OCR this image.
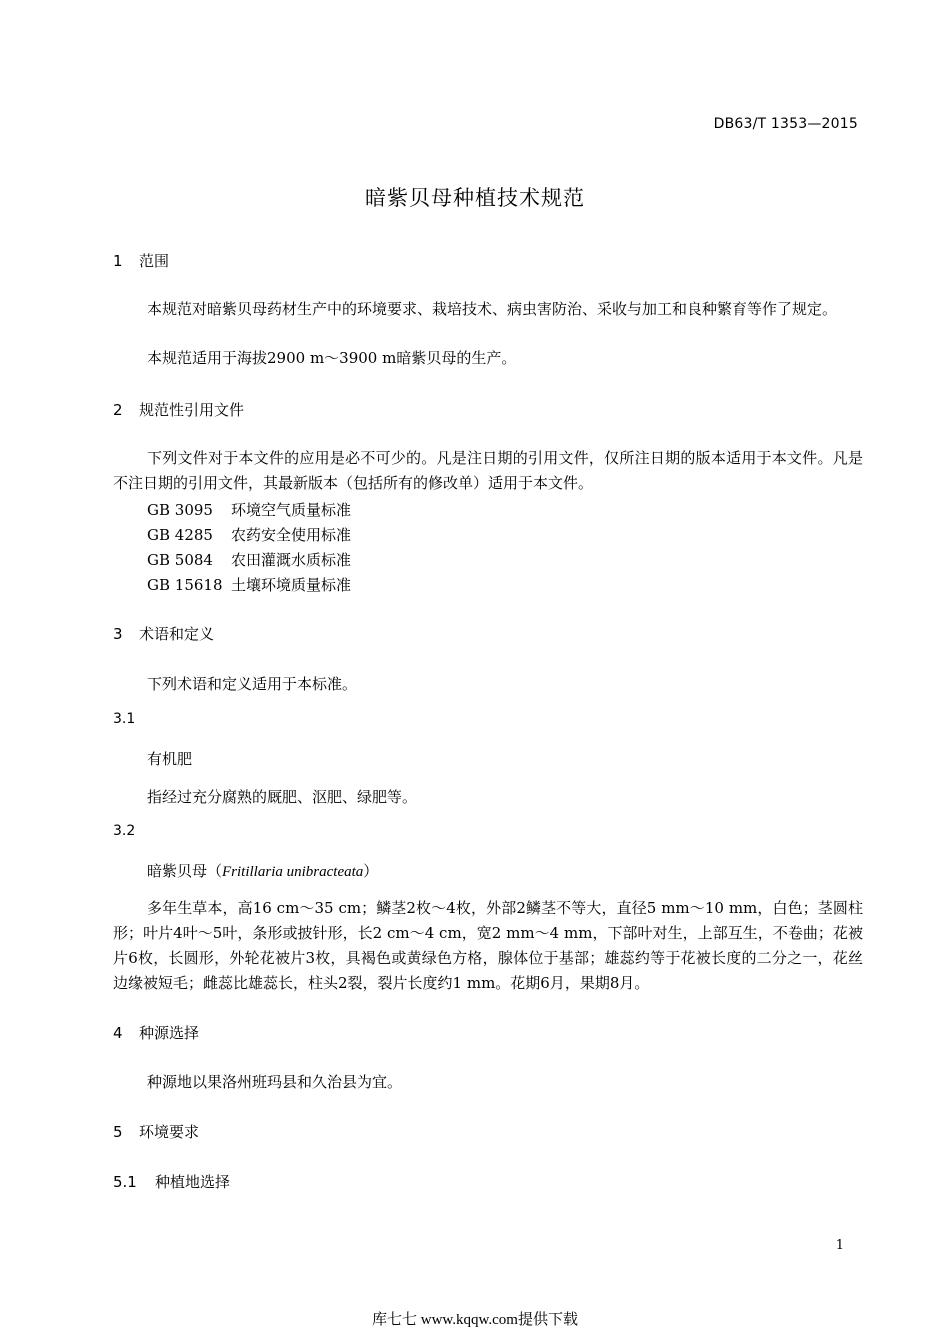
DB63/T 1353—2015
暗紫贝母种植技术规范
1 范围
本规范对暗紫贝母药材生产中的环境要求、栽培技术、病虫害防治、采收与加工和良种繁育等作了规定。
本规范适用于海拔2900 m～3900 m暗紫贝母的生产。
2 规范性引用文件
下列文件对于本文件的应用是必不可少的。凡是注日期的引用文件，仅所注日期的版本适用于本文件。凡是不注日期的引用文件，其最新版本（包括所有的修改单）适用于本文件。
GB 3095 环境空气质量标准
GB 4285 农药安全使用标准
GB 5084 农田灌溉水质标准
GB 15618 土壤环境质量标准
3 术语和定义
下列术语和定义适用于本标准。
3.1
有机肥
指经过充分腐熟的厩肥、沤肥、绿肥等。
3.2
暗紫贝母（Fritillaria unibracteata）
多年生草本，高16 cm～35 cm；鳞茎2枚～4枚，外部2鳞茎不等大，直径5 mm～10 mm，白色；茎圆柱形；叶片4叶～5叶，条形或披针形，长2 cm～4 cm，宽2 mm～4 mm，下部叶对生，上部互生，不卷曲；花被片6枚，长圆形，外轮花被片3枚，具褐色或黄绿色方格，腺体位于基部；雄蕊约等于花被长度的二分之一，花丝边缘被短毛；雌蕊比雄蕊长，柱头2裂，裂片长度约1 mm。花期6月，果期8月。
4 种源选择
种源地以果洛州班玛县和久治县为宜。
5 环境要求
5.1 种植地选择
1
库七七 www.kqqw.com提供下载
